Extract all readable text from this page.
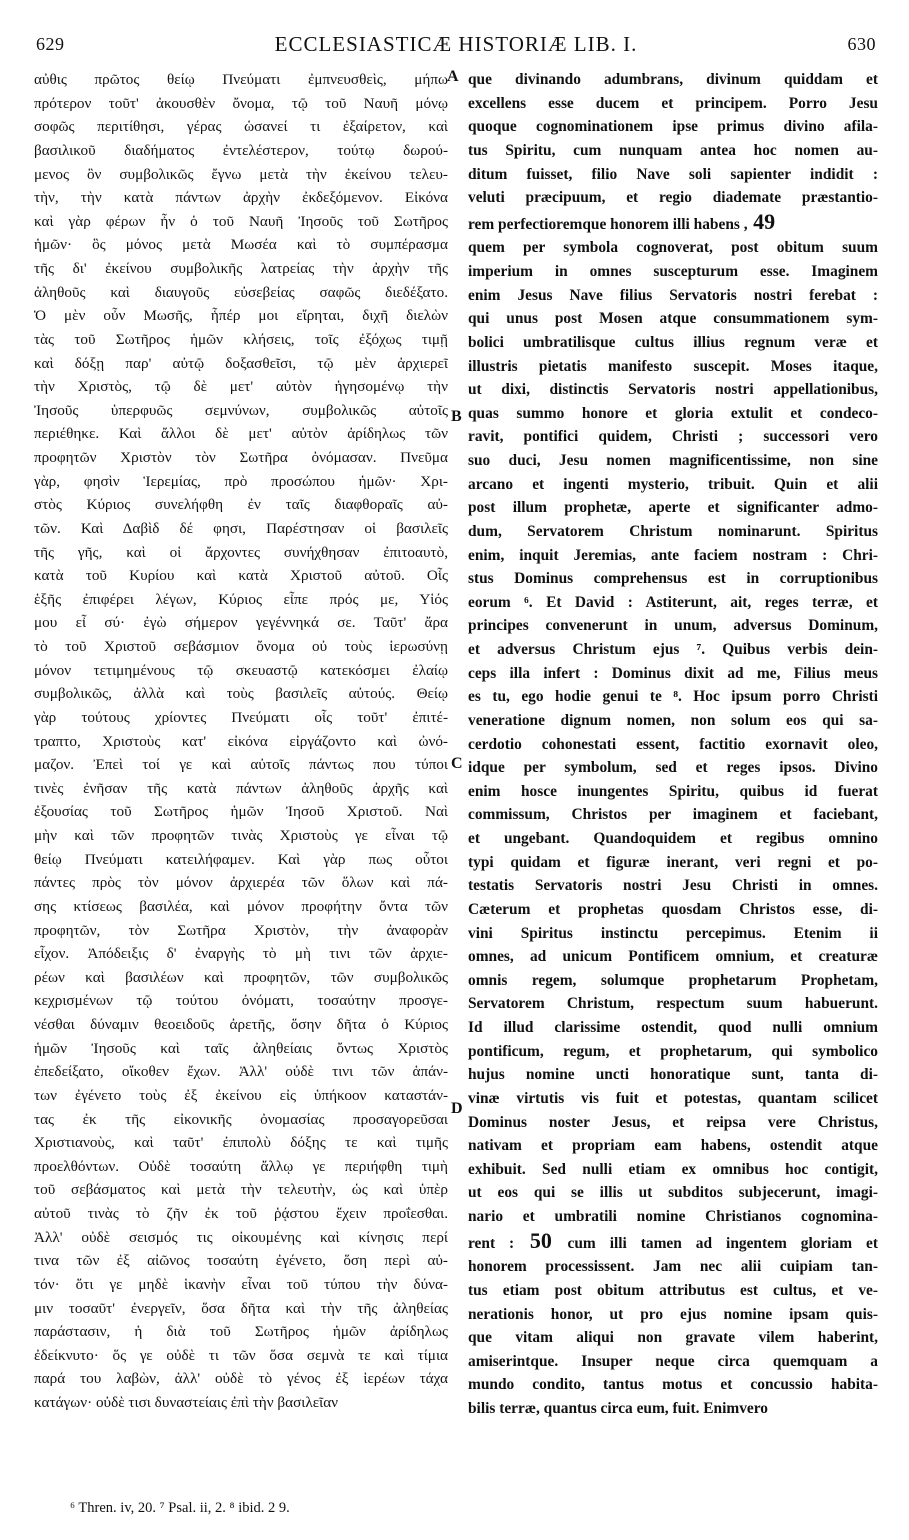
629	ECCLESIASTICÆ HISTORIÆ LIB. I.	630
αὐθις πρῶτος θείῳ Πνεύματι ἐμπνευσθεὶς, μήπω
πρότερον τοῦτ' ἀκουσθὲν ὄνομα, τῷ τοῦ Ναυῆ μόνῳ
σοφῶς περιτίθησι, γέρας ὡσανεί τι ἐξαίρετον, καὶ
βασιλικοῦ διαδήματος ἐντελέστερον, τούτῳ δωρού-
μενος ὃν συμβολικῶς ἔγνω μετὰ τὴν ἐκείνου τελευ-
τὴν, τὴν κατὰ πάντων ἀρχὴν ἐκδεξόμενον. Εἰκόνα
καὶ γὰρ φέρων ἦν ὁ τοῦ Ναυῆ Ἰησοῦς τοῦ Σωτῆρος
ἡμῶν· ὃς μόνος μετὰ Μωσέα καὶ τὸ συμπέρασμα
τῆς δι' ἐκείνου συμβολικῆς λατρείας τὴν ἀρχὴν τῆς
ἀληθοῦς καὶ διαυγοῦς εὐσεβείας σαφῶς διεδέξατο.
Ὁ μὲν οὖν Μωσῆς, ἧπέρ μοι εἴρηται, διχῆ διελὼν
τὰς τοῦ Σωτῆρος ἡμῶν κλήσεις, τοῖς ἐξόχως τιμῇ
καὶ δόξῃ παρ' αὐτῷ δοξασθεῖσι, τῷ μὲν ἀρχιερεῖ
τὴν Χριστὸς, τῷ δὲ μετ' αὐτὸν ἡγησομένῳ τὴν
Ἰησοῦς ὑπερφυῶς σεμνύνων, συμβολικῶς αὐτοῖς
περιέθηκε. Καὶ ἄλλοι δὲ μετ' αὐτὸν ἀρίδηλως τῶν
προφητῶν Χριστὸν τὸν Σωτῆρα ὀνόμασαν. Πνεῦμα
γὰρ, φησὶν Ἱερεμίας, πρὸ προσώπου ἡμῶν· Χρι-
στὸς Κύριος συνελήφθη ἐν ταῖς διαφθοραῖς αὐ-
τῶν. Καὶ Δαβὶδ δέ φησι, Παρέστησαν οἱ βασιλεῖς
τῆς γῆς, καὶ οἱ ἄρχοντες συνήχθησαν ἐπιτοαυτὸ,
κατὰ τοῦ Κυρίου καὶ κατὰ Χριστοῦ αὐτοῦ. Οἷς
ἑξῆς ἐπιφέρει λέγων, Κύριος εἶπε πρός με, Υἱός
μου εἶ σύ· ἐγὼ σήμερον γεγέννηκά σε. Ταῦτ' ἄρα
τὸ τοῦ Χριστοῦ σεβάσμιον ὄνομα οὐ τοὺς ἱερωσύνῃ
μόνον τετιμημένους τῷ σκευαστῷ κατεκόσμει ἐλαίῳ
συμβολικῶς, ἀλλὰ καὶ τοὺς βασιλεῖς αὐτούς. Θείῳ
γὰρ τούτους χρίοντες Πνεύματι οἷς τοῦτ' ἐπιτέ-
τραπτο, Χριστοὺς κατ' εἰκόνα εἰργάζοντο καὶ ὠνό-
μαζον. Ἐπεὶ τοί γε καὶ αὐτοῖς πάντως που τύποι
τινὲς ἐνῆσαν τῆς κατὰ πάντων ἀληθοῦς ἀρχῆς καὶ
ἐξουσίας τοῦ Σωτῆρος ἡμῶν Ἰησοῦ Χριστοῦ. Ναὶ
μὴν καὶ τῶν προφητῶν τινὰς Χριστοὺς γε εἶναι τῷ
θείῳ Πνεύματι κατειλήφαμεν. Καὶ γὰρ πως οὗτοι
πάντες πρὸς τὸν μόνον ἀρχιερέα τῶν ὅλων καὶ πά-
σης κτίσεως βασιλέα, καὶ μόνον προφήτην ὄντα τῶν
προφητῶν, τὸν Σωτῆρα Χριστὸν, τὴν ἀναφορὰν
εἶχον. Ἀπόδειξις δ' ἐναργὴς τὸ μὴ τινι τῶν ἀρχιε-
ρέων καὶ βασιλέων καὶ προφητῶν, τῶν συμβολικῶς
κεχρισμένων τῷ τούτου ὀνόματι, τοσαύτην προσγε-
νέσθαι δύναμιν θεοειδοῦς ἀρετῆς, ὅσην δῆτα ὁ Κύριος
ἡμῶν Ἰησοῦς καὶ ταῖς ἀληθείαις ὄντως Χριστὸς
ἐπεδείξατο, οἴκοθεν ἔχων. Ἀλλ' οὐδὲ τινι τῶν ἁπάν-
των ἐγένετο τοὺς ἐξ ἐκείνου εἰς ὑπήκοον καταστάν-
τας ἐκ τῆς εἰκονικῆς ὀνομασίας προσαγορεῦσαι
Χριστιανοὺς, καὶ ταῦτ' ἐπιπολὺ δόξης τε καὶ τιμῆς
προελθόντων. Οὐδὲ τοσαύτη ἄλλῳ γε περιήφθη τιμὴ
τοῦ σεβάσματος καὶ μετὰ τὴν τελευτὴν, ὡς καὶ ὑπὲρ
αὐτοῦ τινὰς τὸ ζῆν ἐκ τοῦ ῥᾴστου ἔχειν προΐεσθαι.
Ἀλλ' οὐδὲ σεισμός τις οἰκουμένης καὶ κίνησις περί
τινα τῶν ἐξ αἰῶνος τοσαύτη ἐγένετο, ὅση περὶ αὐ-
τόν· ὅτι γε μηδὲ ἱκανὴν εἶναι τοῦ τύπου τὴν δύνα-
μιν τοσαῦτ' ἐνεργεῖν, ὅσα δῆτα καὶ τὴν τῆς ἀληθείας
παράστασιν, ἡ διὰ τοῦ Σωτῆρος ἡμῶν ἀρίδηλως
ἐδείκνυτο· ὅς γε οὐδὲ τι τῶν ὅσα σεμνὰ τε καὶ τίμια
παρά του λαβὼν, ἀλλ' οὐδὲ τὸ γένος ἐξ ἱερέων τάχα
κατάγων· οὐδὲ τισι δυναστείαις ἐπὶ τὴν βασιλεῖαν
que divinando adumbrans, divinum quiddam et
excellens esse ducem et principem. Porro Jesu
quoque cognominationem ipse primus divino afila-
tus Spiritu, cum nunquam antea hoc nomen au-
ditum fuisset, filio Nave soli sapienter indidit :
veluti præcipuum, et regio diademate præstantio-
rem perfectioremque honorem illi habens , 49
quem per symbola cognoverat, post obitum suum
imperium in omnes suscepturum esse. Imaginem
enim Jesus Nave filius Servatoris nostri ferebat :
qui unus post Mosen atque consummationem sym-
bolici umbratilisque cultus illius regnum veræ et
illustris pietatis manifesto suscepit. Moses itaque,
ut dixi, distinctis Servatoris nostri appellationibus,
quas summo honore et gloria extulit et condeco-
ravit, pontifici quidem, Christi ; successori vero
suo duci, Jesu nomen magnificentissime, non sine
arcano et ingenti mysterio, tribuit. Quin et alii
post illum prophetæ, aperte et significanter admo-
dum, Servatorem Christum nominarunt. Spiritus
enim, inquit Jeremias, ante faciem nostram : Chri-
stus Dominus comprehensus est in corruptionibus
eorum ⁶. Et David : Astiterunt, ait, reges terræ, et
principes convenerunt in unum, adversus Dominum,
et adversus Christum ejus ⁷. Quibus verbis dein-
ceps illa infert : Dominus dixit ad me, Filius meus
es tu, ego hodie genui te ⁸. Hoc ipsum porro Christi
venerationе dignum nomen, non solum eos qui sa-
cerdotio cohonestati essent, factitio exornavit oleo,
idque per symbolum, sed et reges ipsos. Divino
enim hosce inungentes Spiritu, quibus id fuerat
commissum, Christos per imaginem et faciebant,
et ungebant. Quandoquidem et regibus omnino
typi quidam et figuræ inerant, veri regni et po-
testatis Servatoris nostri Jesu Christi in omnes.
Cæterum et prophetas quosdam Christos esse, di-
vini Spiritus instinctu percepimus. Etenim ii
omnes, ad unicum Pontificem omnium, et creaturæ
omnis regem, solumque prophetarum Prophetam,
Servatorem Christum, respectum suum habuerunt.
Id illud clarissime ostendit, quod nulli omnium
pontificum, regum, et prophetarum, qui symbolico
hujus nomine uncti honoratique sunt, tanta di-
vinæ virtutis vis fuit et potestas, quantam scilicet
Dominus noster Jesus, et reipsa vere Christus,
nativam et propriam eam habens, ostendit atque
exhibuit. Sed nulli etiam ex omnibus hoc contigit,
ut eos qui se illis ut subditos subjecerunt, imagi-
nario et umbratili nomine Christianos cognomina-
rent : 50 cum illi tamen ad ingentem gloriam et
honorem processissent. Jam nec alii cuipiam tan-
tus etiam post obitum attributus est cultus, et ve-
nerationis honor, ut pro ejus nomine ipsam quis-
que vitam aliqui non gravate vilem haberint,
amiserintque. Insuper neque circa quemquam a
mundo condito, tantus motus et concussio habita-
bilis terræ, quantus circa eum, fuit. Enimvero
A
B
C
D
⁶ Thren. iv, 20. ⁷ Psal. ii, 2. ⁸ ibid. 2 9.
